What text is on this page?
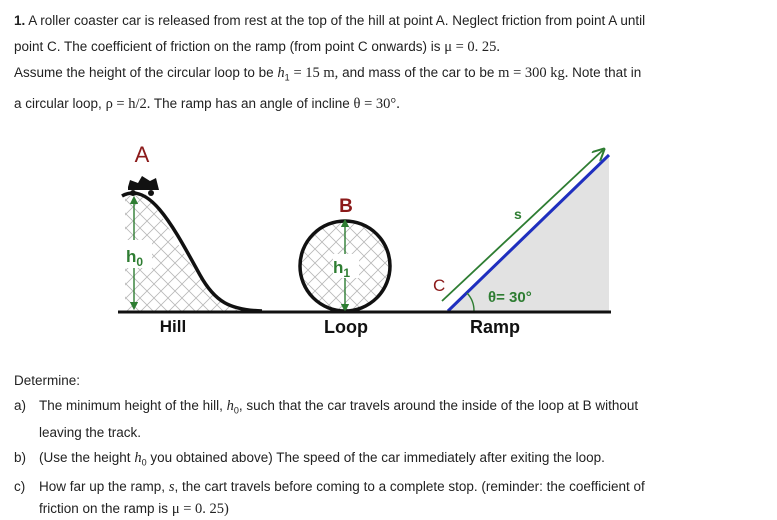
1. A roller coaster car is released from rest at the top of the hill at point A. Neglect friction from point A until

point C. The coefficient of friction on the ramp (from point C onwards) is μ = 0. 25.

Assume the height of the circular loop to be $h_1 = 15$ m, and mass of the car to be m = 300 kg. Note that in

a circular loop, ρ = h/2. The ramp has an angle of incline θ = 30°.

A
$h_0$
B
$h_1$
s
C
θ= 30°
Hill	Loop	Ramp

Determine:

a) The minimum height of the hill, $h_0$, such that the car travels around the inside of the loop at B without
leaving the track.
b) (Use the height $h_0$ you obtained above) The speed of the car immediately after exiting the loop.
c)	How far up the ramp, s, the cart travels before coming to a complete stop. (reminder: the coefficient of
friction on the ramp is μ = 0. 25)
